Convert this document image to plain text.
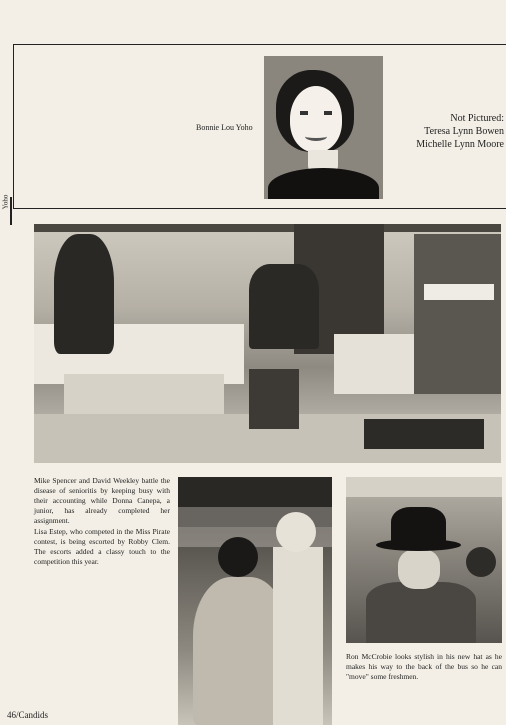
Bonnie Lou Yoho
Not Pictured:
Teresa Lynn Bowen
Michelle Lynn Moore
Yoho
Mike Spencer and David Weekley battle the disease of senioritis by keeping busy with their accounting while Donna Canepa, a junior, has already completed her assignment.
Lisa Estep, who competed in the Miss Pirate contest, is being escorted by Robby Clem. The escorts added a classy touch to the competition this year.
Ron McCrobie looks stylish in his new hat as he makes his way to the back of the bus so he can "move" some freshmen.
46/Candids
